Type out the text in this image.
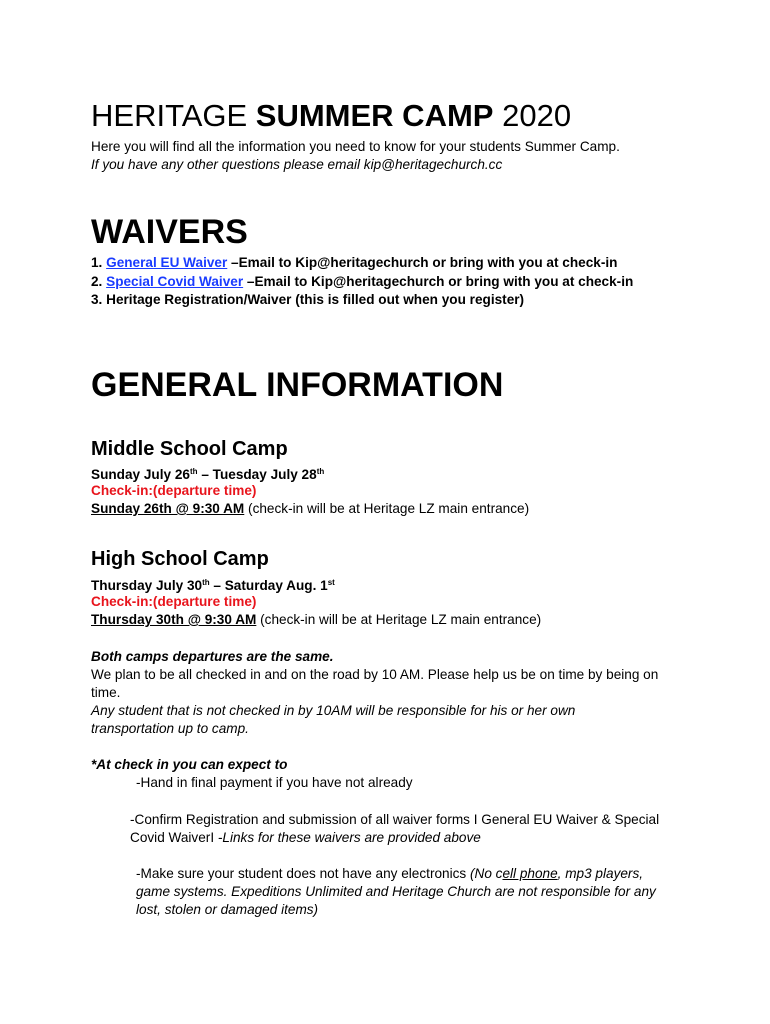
HERITAGE SUMMER CAMP 2020
Here you will find all the information you need to know for your students Summer Camp.
If you have any other questions please email kip@heritagechurch.cc
WAIVERS
1. General EU Waiver –Email to Kip@heritagechurch or bring with you at check-in
2. Special Covid Waiver –Email to Kip@heritagechurch or bring with you at check-in
3. Heritage Registration/Waiver (this is filled out when you register)
GENERAL INFORMATION
Middle School Camp
Sunday July 26th – Tuesday July 28th
Check-in:(departure time)
Sunday 26th @ 9:30 AM (check-in will be at Heritage LZ main entrance)
High School Camp
Thursday July 30th – Saturday Aug. 1st
Check-in:(departure time)
Thursday 30th @ 9:30 AM (check-in will be at Heritage LZ main entrance)
Both camps departures are the same.
We plan to be all checked in and on the road by 10 AM. Please help us be on time by being on time.
Any student that is not checked in by 10AM will be responsible for his or her own transportation up to camp.
*At check in you can expect to
-Hand in final payment if you have not already
-Confirm Registration and submission of all waiver forms I General EU Waiver & Special Covid WaiverI -Links for these waivers are provided above
-Make sure your student does not have any electronics (No cell phone, mp3 players, game systems. Expeditions Unlimited and Heritage Church are not responsible for any lost, stolen or damaged items)
